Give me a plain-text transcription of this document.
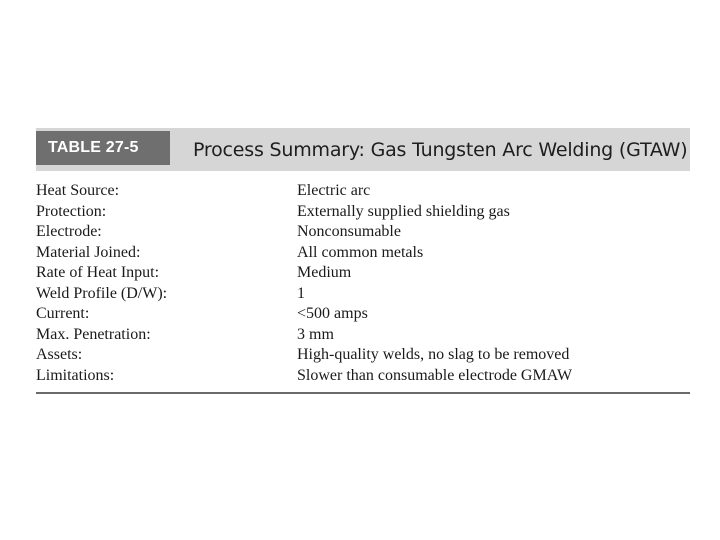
TABLE 27-5	Process Summary: Gas Tungsten Arc Welding (GTAW)
Heat Source:	Electric arc
Protection:	Externally supplied shielding gas
Electrode:	Nonconsumable
Material Joined:	All common metals
Rate of Heat Input:	Medium
Weld Profile (D/W):	1
Current:	<500 amps
Max. Penetration:	3 mm
Assets:	High-quality welds, no slag to be removed
Limitations:	Slower than consumable electrode GMAW
